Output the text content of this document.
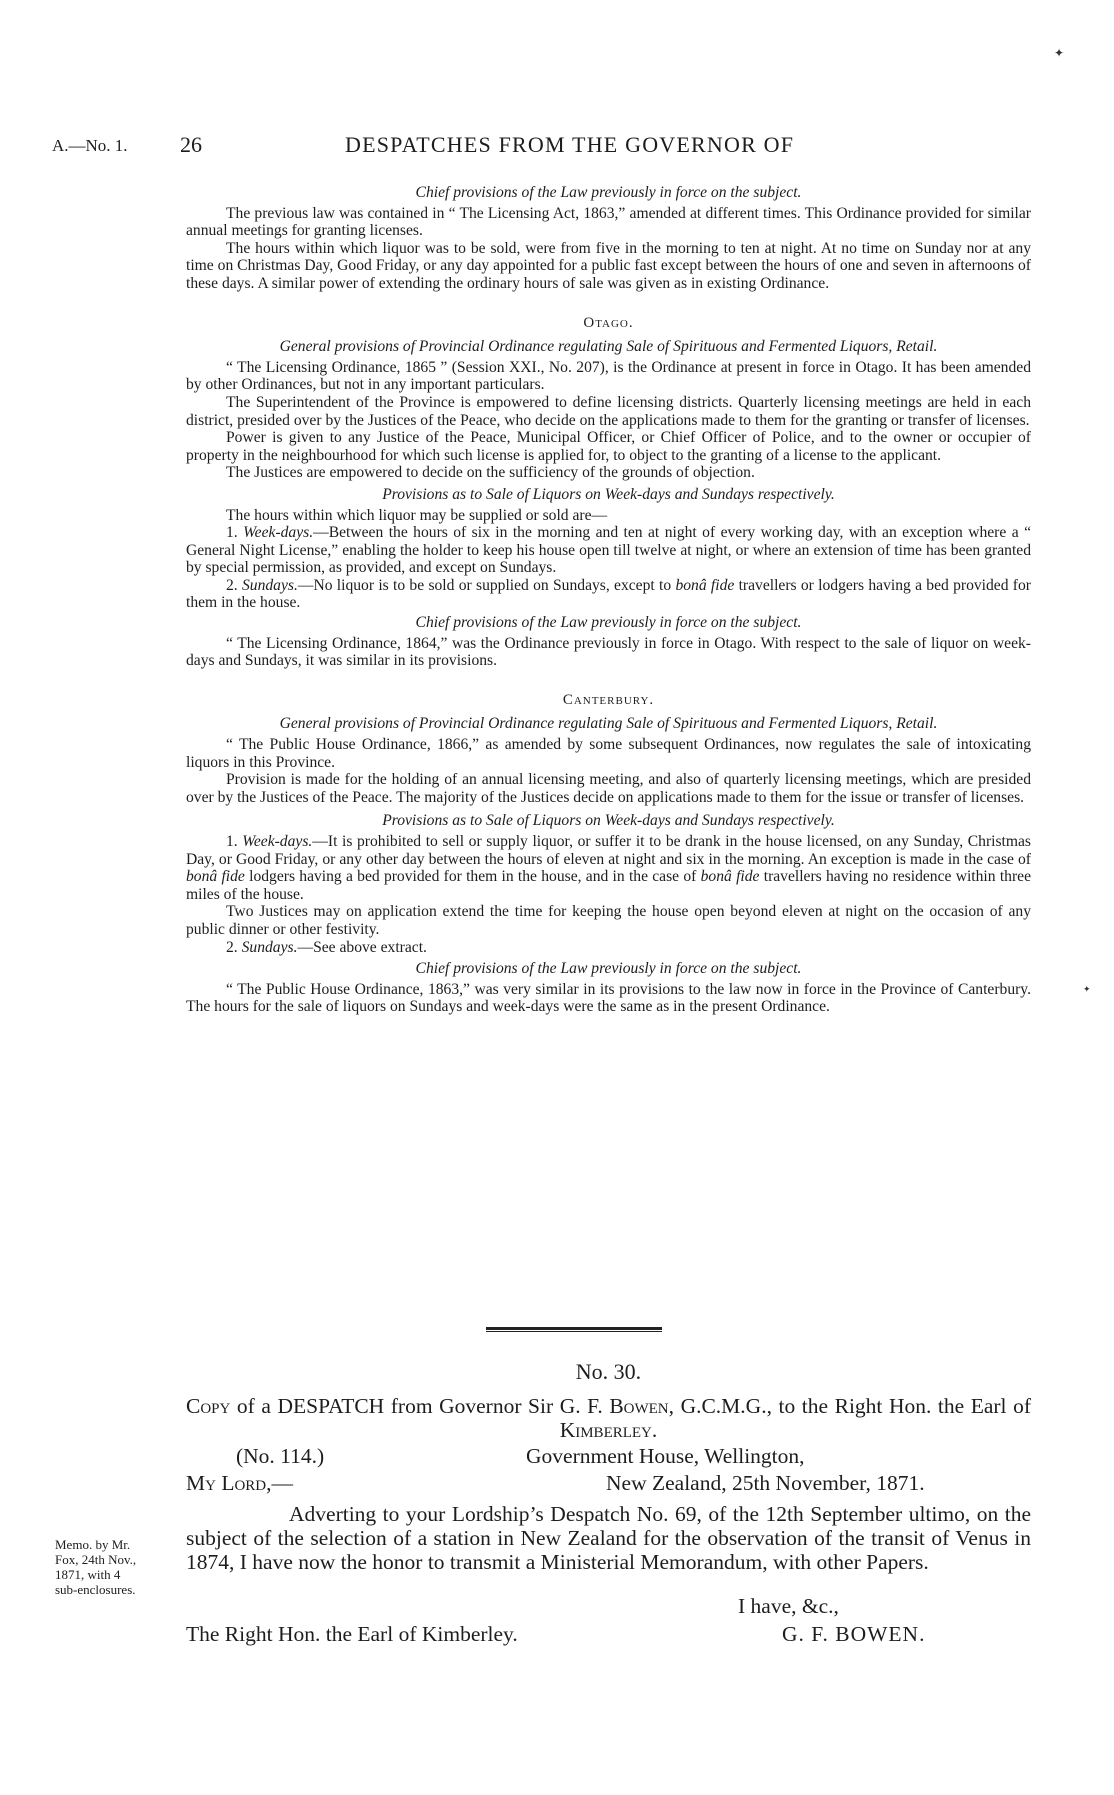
A.—No. 1. 26	DESPATCHES FROM THE GOVERNOR OF
✦
✦

Chief provisions of the Law previously in force on the subject.

The previous law was contained in “ The Licensing Act, 1863,” amended at different times. This Ordinance provided for similar annual meetings for granting licenses.

The hours within which liquor was to be sold, were from five in the morning to ten at night. At no time on Sunday nor at any time on Christmas Day, Good Friday, or any day appointed for a public fast except between the hours of one and seven in afternoons of these days. A similar power of extending the ordinary hours of sale was given as in existing Ordinance.

Otago.

General provisions of Provincial Ordinance regulating Sale of Spirituous and Fermented Liquors, Retail.

“ The Licensing Ordinance, 1865 ” (Session XXI., No. 207), is the Ordinance at present in force in Otago. It has been amended by other Ordinances, but not in any important particulars.

The Superintendent of the Province is empowered to define licensing districts. Quarterly licensing meetings are held in each district, presided over by the Justices of the Peace, who decide on the applications made to them for the granting or transfer of licenses.

Power is given to any Justice of the Peace, Municipal Officer, or Chief Officer of Police, and to the owner or occupier of property in the neighbourhood for which such license is applied for, to object to the granting of a license to the applicant.

The Justices are empowered to decide on the sufficiency of the grounds of objection.

Provisions as to Sale of Liquors on Week-days and Sundays respectively.

The hours within which liquor may be supplied or sold are—

1. Week-days.—Between the hours of six in the morning and ten at night of every working day, with an exception where a “ General Night License,” enabling the holder to keep his house open till twelve at night, or where an extension of time has been granted by special permission, as provided, and except on Sundays.

2. Sundays.—No liquor is to be sold or supplied on Sundays, except to bonâ fide travellers or lodgers having a bed provided for them in the house.

Chief provisions of the Law previously in force on the subject.

“ The Licensing Ordinance, 1864,” was the Ordinance previously in force in Otago. With respect to the sale of liquor on week-days and Sundays, it was similar in its provisions.

Canterbury.

General provisions of Provincial Ordinance regulating Sale of Spirituous and Fermented Liquors, Retail.

“ The Public House Ordinance, 1866,” as amended by some subsequent Ordinances, now regulates the sale of intoxicating liquors in this Province.

Provision is made for the holding of an annual licensing meeting, and also of quarterly licensing meetings, which are presided over by the Justices of the Peace. The majority of the Justices decide on applications made to them for the issue or transfer of licenses.

Provisions as to Sale of Liquors on Week-days and Sundays respectively.

1. Week-days.—It is prohibited to sell or supply liquor, or suffer it to be drank in the house licensed, on any Sunday, Christmas Day, or Good Friday, or any other day between the hours of eleven at night and six in the morning. An exception is made in the case of bonâ fide lodgers having a bed provided for them in the house, and in the case of bonâ fide travellers having no residence within three miles of the house.

Two Justices may on application extend the time for keeping the house open beyond eleven at night on the occasion of any public dinner or other festivity.

2. Sundays.—See above extract.

Chief provisions of the Law previously in force on the subject.

“ The Public House Ordinance, 1863,” was very similar in its provisions to the law now in force in the Province of Canterbury. The hours for the sale of liquors on Sundays and week-days were the same as in the present Ordinance.

No. 30.
Copy of a DESPATCH from Governor Sir G. F. Bowen, G.C.M.G., to the Right Hon. the Earl of Kimberley.
(No. 114.)	Government House, Wellington,
My Lord,—	New Zealand, 25th November, 1871.
Adverting to your Lordship’s Despatch No. 69, of the 12th September ultimo, on the subject of the selection of a station in New Zealand for the observation of the transit of Venus in 1874, I have now the honor to transmit a Ministerial Memorandum, with other Papers.
I have, &c.,
The Right Hon. the Earl of Kimberley.	G. F. BOWEN.
Memo. by Mr.
Fox, 24th Nov.,
1871, with 4
sub-enclosures.
